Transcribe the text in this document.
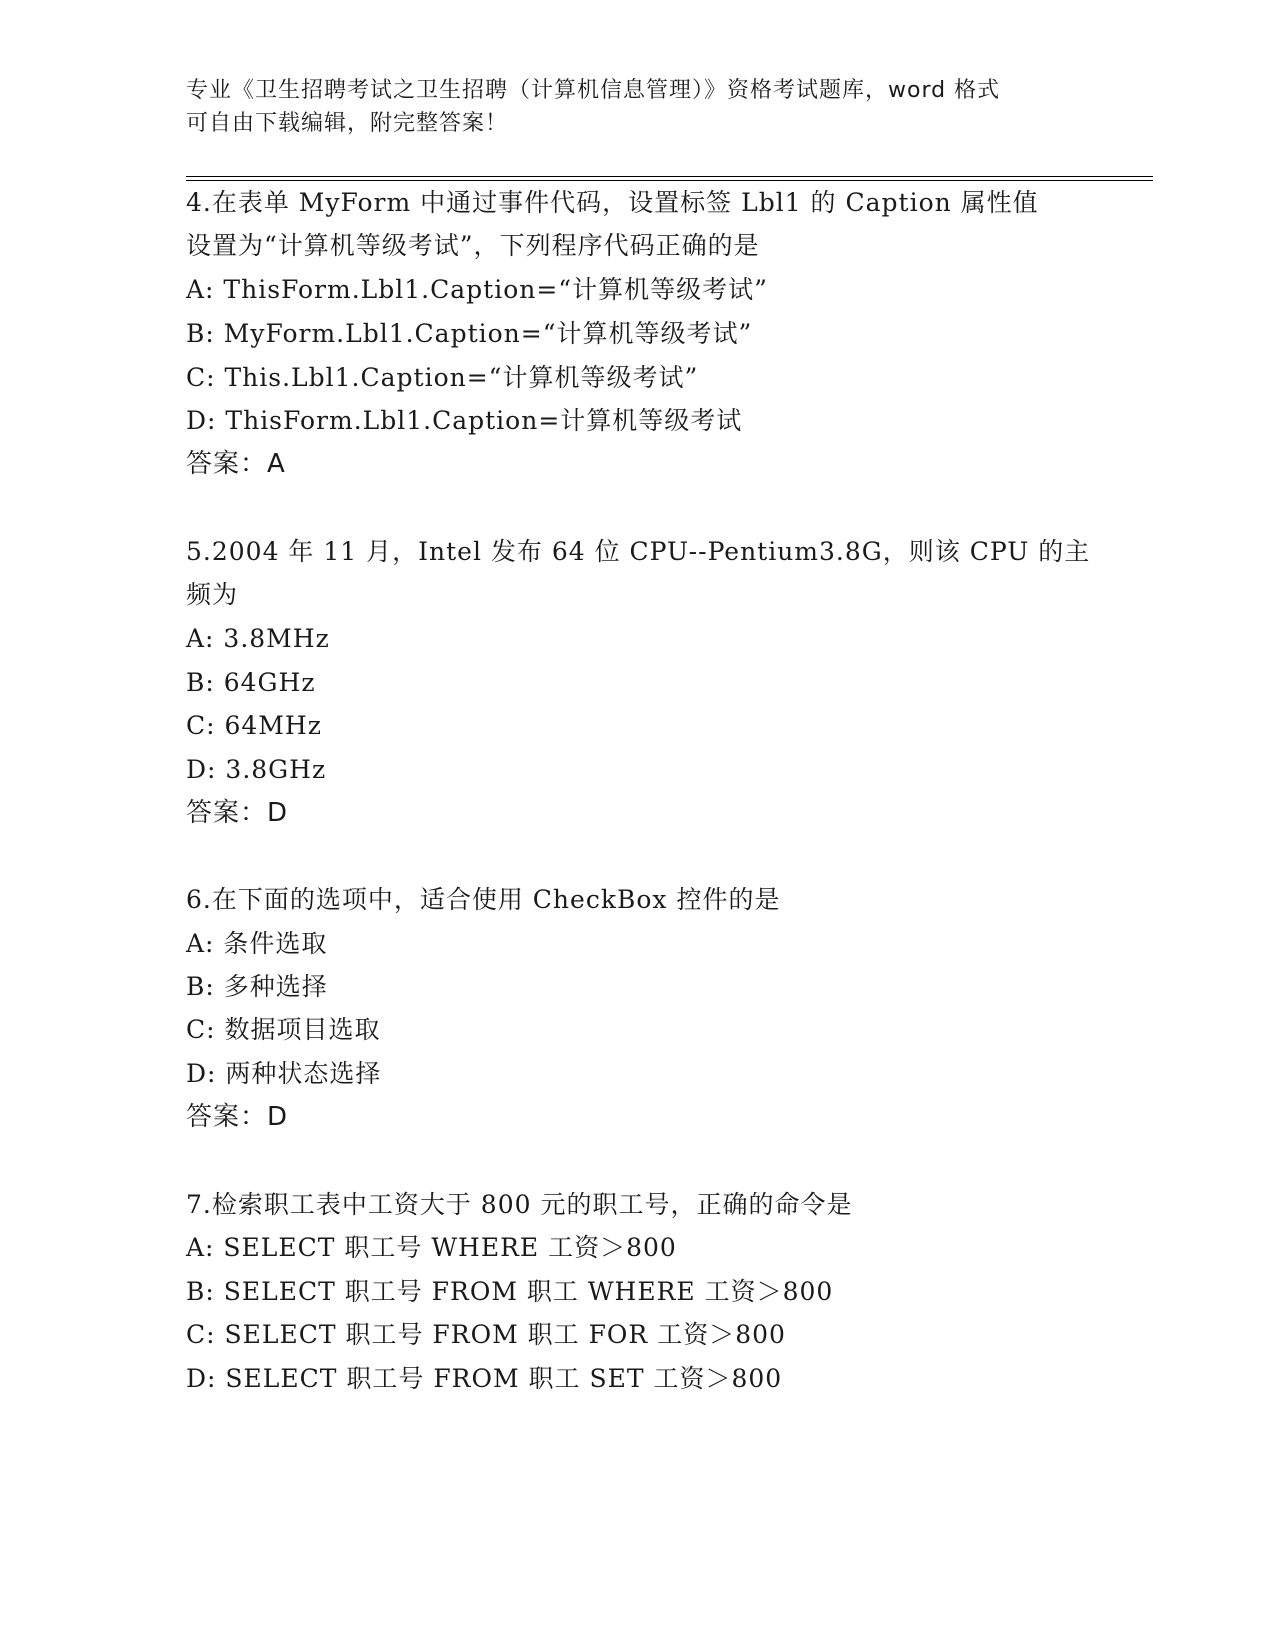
专业《卫生招聘考试之卫生招聘（计算机信息管理）》资格考试题库，word 格式
可自由下载编辑，附完整答案！
4.在表单 MyForm 中通过事件代码，设置标签 Lbl1 的 Caption 属性值
设置为“计算机等级考试”，下列程序代码正确的是
A: ThisForm.Lbl1.Caption=“计算机等级考试”
B: MyForm.Lbl1.Caption=“计算机等级考试”
C: This.Lbl1.Caption=“计算机等级考试”
D: ThisForm.Lbl1.Caption=计算机等级考试
答案：A
5.2004 年 11 月，Intel 发布 64 位 CPU--Pentium3.8G，则该 CPU 的主
频为
A: 3.8MHz
B: 64GHz
C: 64MHz
D: 3.8GHz
答案：D
6.在下面的选项中，适合使用 CheckBox 控件的是
A: 条件选取
B: 多种选择
C: 数据项目选取
D: 两种状态选择
答案：D
7.检索职工表中工资大于 800 元的职工号，正确的命令是
A: SELECT 职工号 WHERE 工资＞800
B: SELECT 职工号 FROM 职工 WHERE 工资＞800
C: SELECT 职工号 FROM 职工 FOR 工资＞800
D: SELECT 职工号 FROM 职工 SET 工资＞800
